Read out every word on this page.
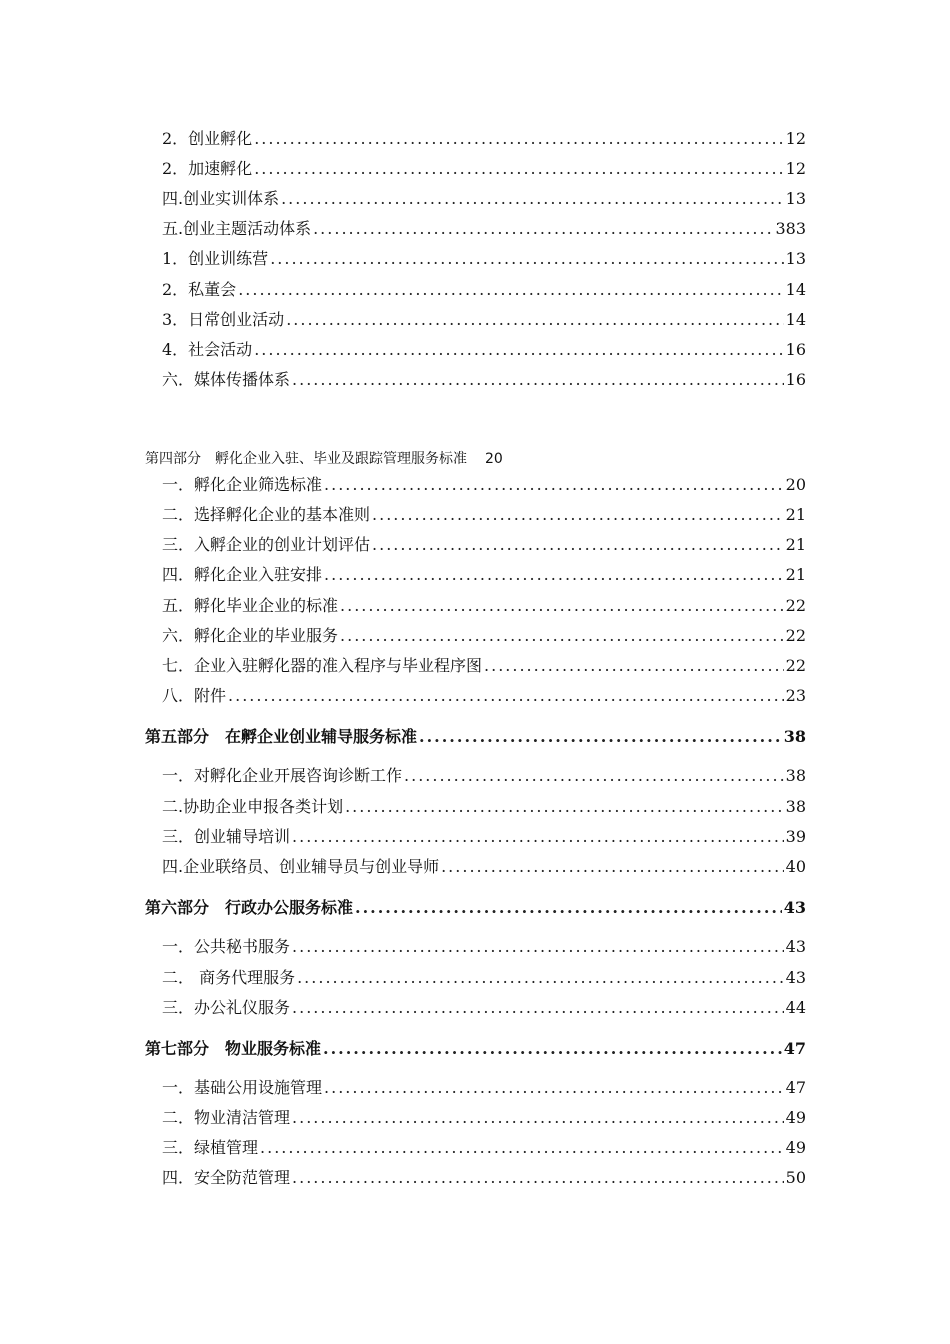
2．创业孵化 .....	12
2．加速孵化 .....	12
四.创业实训体系 .....	13
五.创业主题活动体系 .....	383
1．创业训练营 .....	13
2．私董会 .....	14
3．日常创业活动 .....	14
4．社会活动 .....	16
六．媒体传播体系 .....	16
第四部分　孵化企业入驻、毕业及跟踪管理服务标准 20
一．孵化企业筛选标准 .....	20
二．选择孵化企业的基本准则 .....	21
三．入孵企业的创业计划评估 .....	21
四．孵化企业入驻安排 .....	21
五．孵化毕业企业的标准 .....	22
六．孵化企业的毕业服务 .....	22
七．企业入驻孵化器的准入程序与毕业程序图 .....	22
八．附件 .....	23
第五部分　在孵企业创业辅导服务标准 .....	38
一．对孵化企业开展咨询诊断工作 .....	38
二.协助企业申报各类计划 .....	38
三．创业辅导培训 .....	39
四.企业联络员、创业辅导员与创业导师 .....	40
第六部分　行政办公服务标准 .....	43
一．公共秘书服务 .....	43
二． 商务代理服务 .....	43
三．办公礼仪服务 .....	44
第七部分　物业服务标准 .....	47
一．基础公用设施管理 .....	47
二．物业清洁管理 .....	49
三．绿植管理 .....	49
四．安全防范管理 .....	50
